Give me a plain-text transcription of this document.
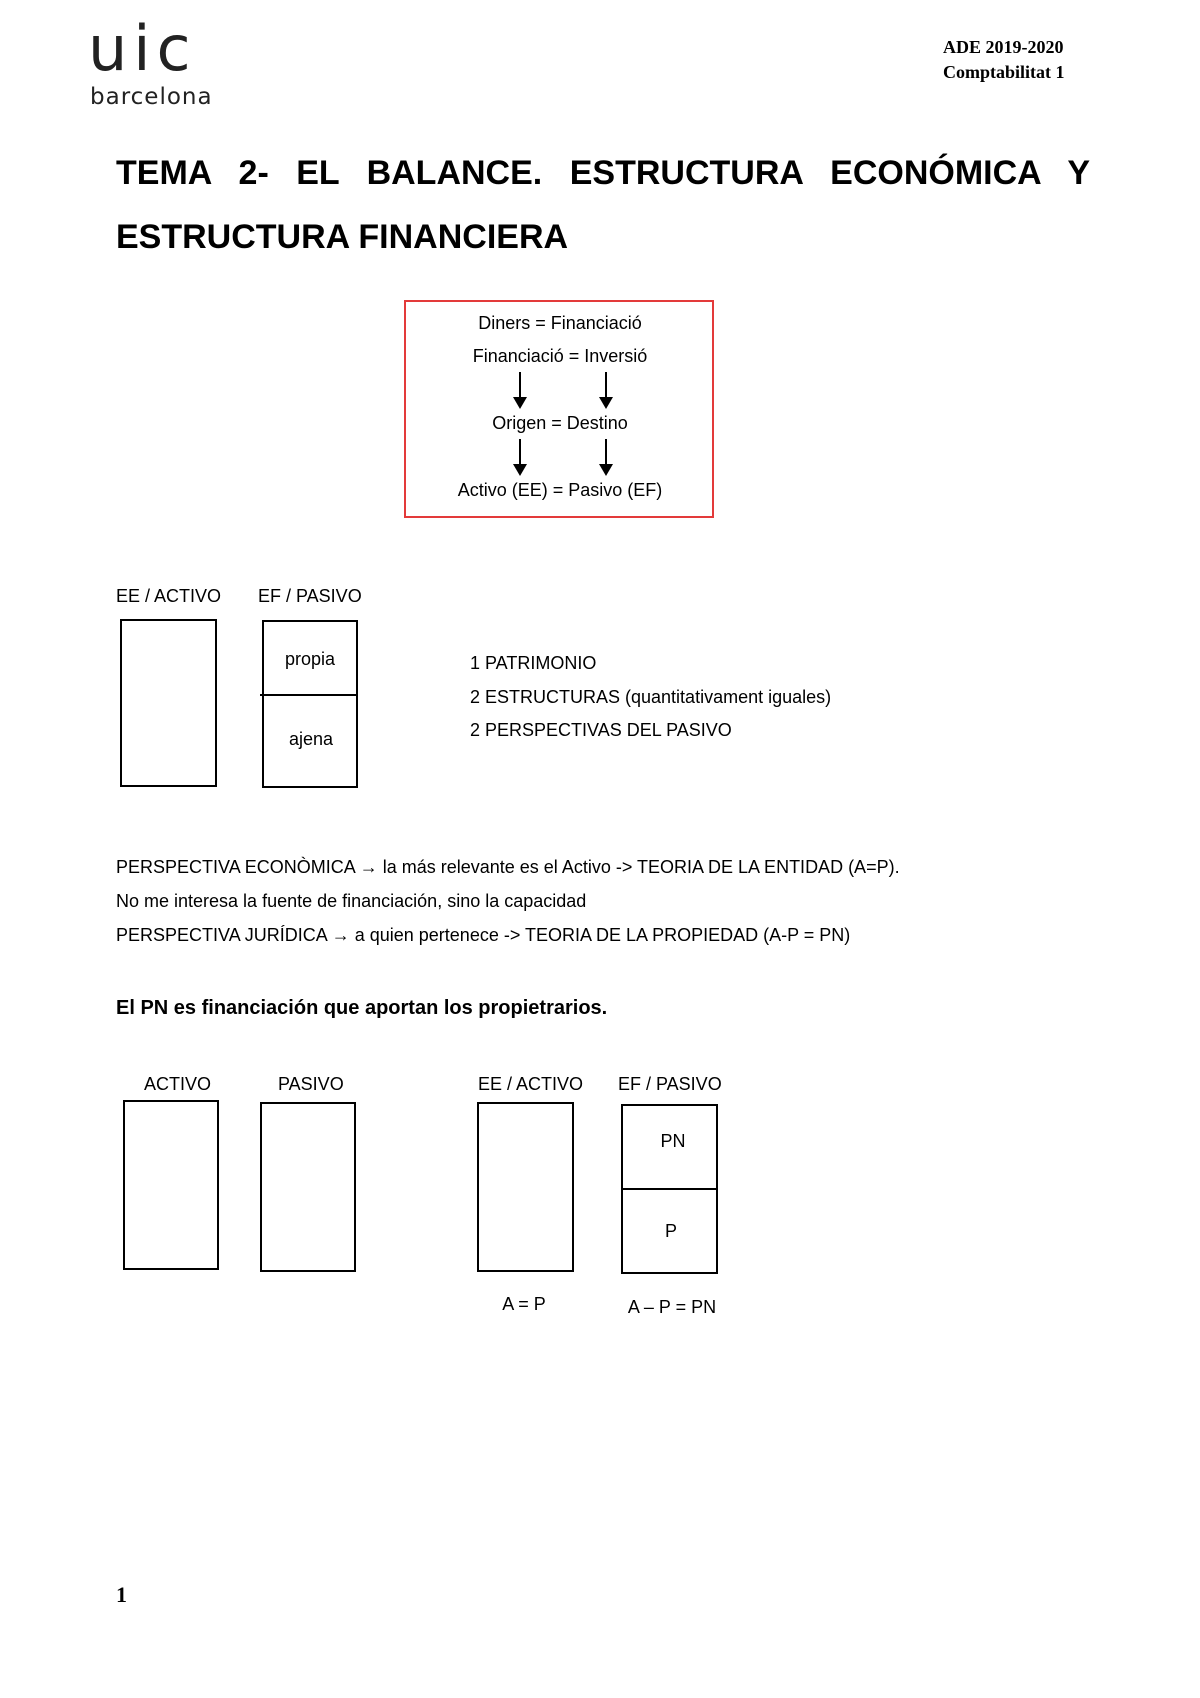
uic
barcelona
ADE 2019-2020
Comptabilitat 1
TEMA 2- EL BALANCE. ESTRUCTURA ECONÓMICA Y
ESTRUCTURA FINANCIERA
Diners = Financiació
Financiació = Inversió
Origen = Destino
Activo (EE) = Pasivo (EF)
EE / ACTIVO EF / PASIVO
propia
ajena
1 PATRIMONIO
2 ESTRUCTURAS (quantitativament iguales)
2 PERSPECTIVAS DEL PASIVO
PERSPECTIVA ECONÒMICA → la más relevante es el Activo -> TEORIA DE LA ENTIDAD (A=P).
No me interesa la fuente de financiación, sino la capacidad
PERSPECTIVA JURÍDICA → a quien pertenece -> TEORIA DE LA PROPIEDAD (A-P = PN)
El PN es financiación que aportan los propietrarios.
ACTIVO	PASIVO	EE / ACTIVO EF / PASIVO
PN
P
A = P	A – P = PN
1
